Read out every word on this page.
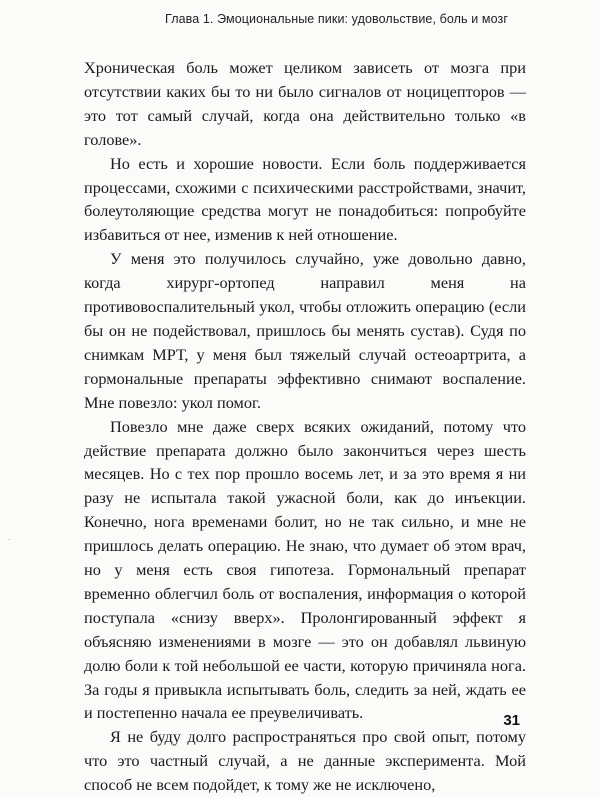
Глава 1. Эмоциональные пики: удовольствие, боль и мозг

Хроническая боль может целиком зависеть от мозга при отсутствии каких бы то ни было сигналов от ноцицепторов — это тот самый случай, когда она действительно только «в голове».

Но есть и хорошие новости. Если боль поддерживается процессами, схожими с психическими расстройствами, значит, болеутоляющие средства могут не понадобиться: попробуйте избавиться от нее, изменив к ней отношение.

У меня это получилось случайно, уже довольно давно, когда хирург-ортопед направил меня на противовоспалительный укол, чтобы отложить операцию (если бы он не подействовал, пришлось бы менять сустав). Судя по снимкам МРТ, у меня был тяжелый случай остеоартрита, а гормональные препараты эффективно снимают воспаление. Мне повезло: укол помог.

Повезло мне даже сверх всяких ожиданий, потому что действие препарата должно было закончиться через шесть месяцев. Но с тех пор прошло восемь лет, и за это время я ни разу не испытала такой ужасной боли, как до инъекции. Конечно, нога временами болит, но не так сильно, и мне не пришлось делать операцию. Не знаю, что думает об этом врач, но у меня есть своя гипотеза. Гормональный препарат временно облегчил боль от воспаления, информация о которой поступала «снизу вверх». Пролонгированный эффект я объясняю изменениями в мозге — это он добавлял львиную долю боли к той небольшой ее части, которую причиняла нога. За годы я привыкла испытывать боль, следить за ней, ждать ее и постепенно начала ее преувеличивать.

Я не буду долго распространяться про свой опыт, потому что это частный случай, а не данные эксперимента. Мой способ не всем подойдет, к тому же не исключено,

·
31
